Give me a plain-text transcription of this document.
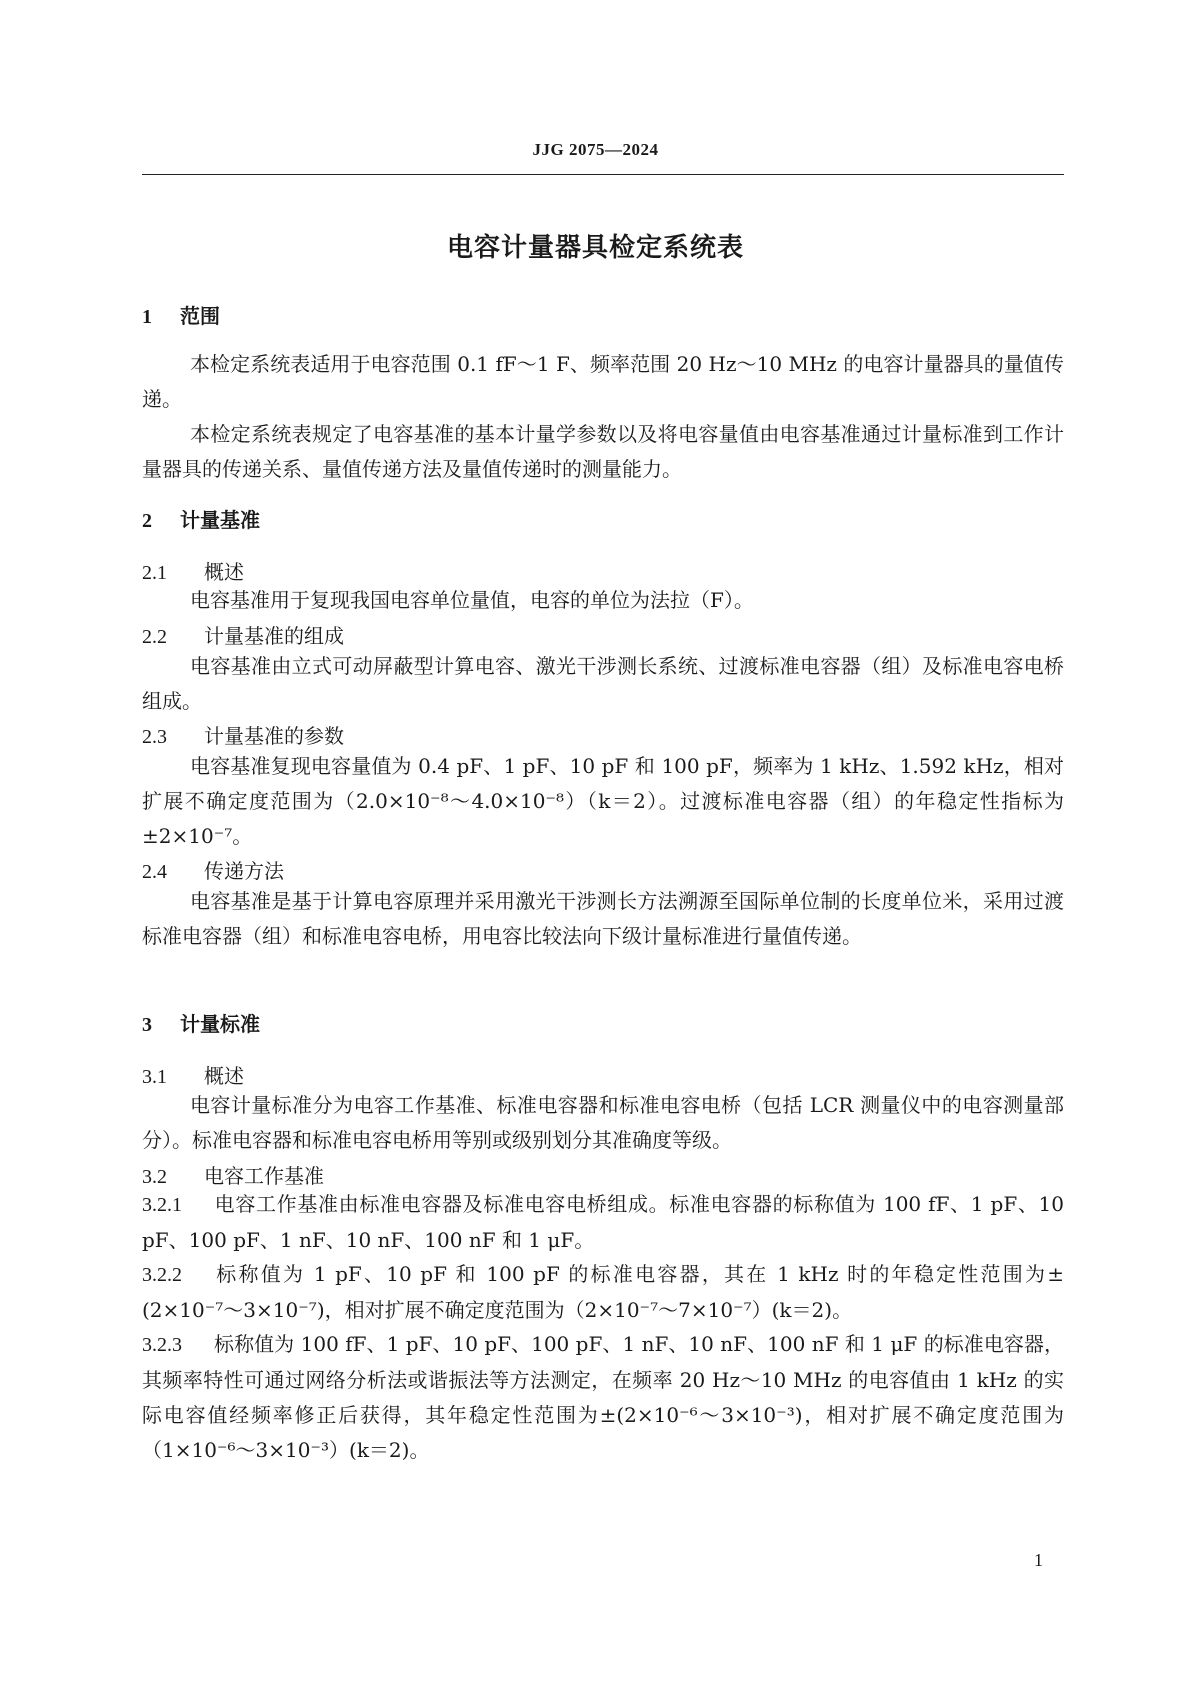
JJG 2075—2024
电容计量器具检定系统表
1 范围
本检定系统表适用于电容范围 0.1 fF～1 F、频率范围 20 Hz～10 MHz 的电容计量器具的量值传递。
本检定系统表规定了电容基准的基本计量学参数以及将电容量值由电容基准通过计量标准到工作计量器具的传递关系、量值传递方法及量值传递时的测量能力。
2 计量基准
2.1 概述
电容基准用于复现我国电容单位量值，电容的单位为法拉（F）。
2.2 计量基准的组成
电容基准由立式可动屏蔽型计算电容、激光干涉测长系统、过渡标准电容器（组）及标准电容电桥组成。
2.3 计量基准的参数
电容基准复现电容量值为 0.4 pF、1 pF、10 pF 和 100 pF，频率为 1 kHz、1.592 kHz，相对扩展不确定度范围为（2.0×10⁻⁸～4.0×10⁻⁸）（k＝2）。过渡标准电容器（组）的年稳定性指标为±2×10⁻⁷。
2.4 传递方法
电容基准是基于计算电容原理并采用激光干涉测长方法溯源至国际单位制的长度单位米，采用过渡标准电容器（组）和标准电容电桥，用电容比较法向下级计量标准进行量值传递。
3 计量标准
3.1 概述
电容计量标准分为电容工作基准、标准电容器和标准电容电桥（包括 LCR 测量仪中的电容测量部分）。标准电容器和标准电容电桥用等别或级别划分其准确度等级。
3.2 电容工作基准
3.2.1 电容工作基准由标准电容器及标准电容电桥组成。标准电容器的标称值为 100 fF、1 pF、10 pF、100 pF、1 nF、10 nF、100 nF 和 1 μF。
3.2.2 标称值为 1 pF、10 pF 和 100 pF 的标准电容器，其在 1 kHz 时的年稳定性范围为±(2×10⁻⁷～3×10⁻⁷)，相对扩展不确定度范围为（2×10⁻⁷～7×10⁻⁷）(k＝2)。
3.2.3 标称值为 100 fF、1 pF、10 pF、100 pF、1 nF、10 nF、100 nF 和 1 μF 的标准电容器，其频率特性可通过网络分析法或谐振法等方法测定，在频率 20 Hz～10 MHz 的电容值由 1 kHz 的实际电容值经频率修正后获得，其年稳定性范围为±(2×10⁻⁶～3×10⁻³)，相对扩展不确定度范围为（1×10⁻⁶～3×10⁻³）(k＝2)。
1
